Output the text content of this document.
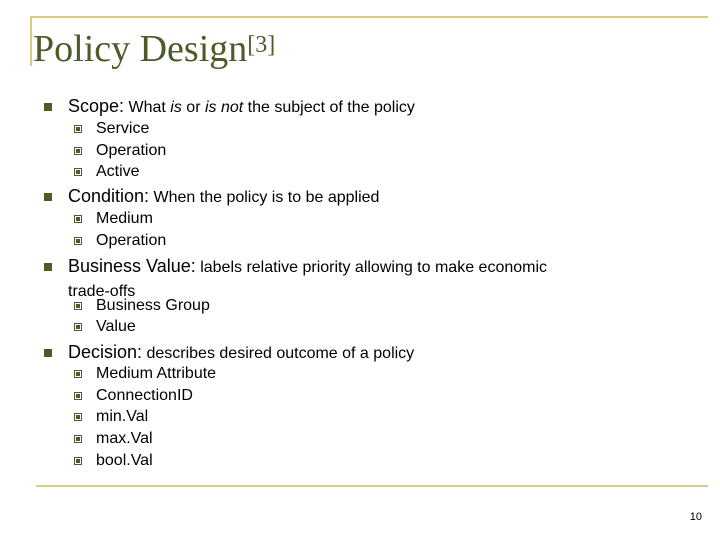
Policy Design[3]
Scope: What is or is not the subject of the policy
Service
Operation
Active
Condition: When the policy is to be applied
Medium
Operation
Business Value: labels relative priority allowing to make economic
trade-offs
Business Group
Value
Decision: describes desired outcome of a policy
Medium Attribute
ConnectionID
min.Val
max.Val
bool.Val
10
